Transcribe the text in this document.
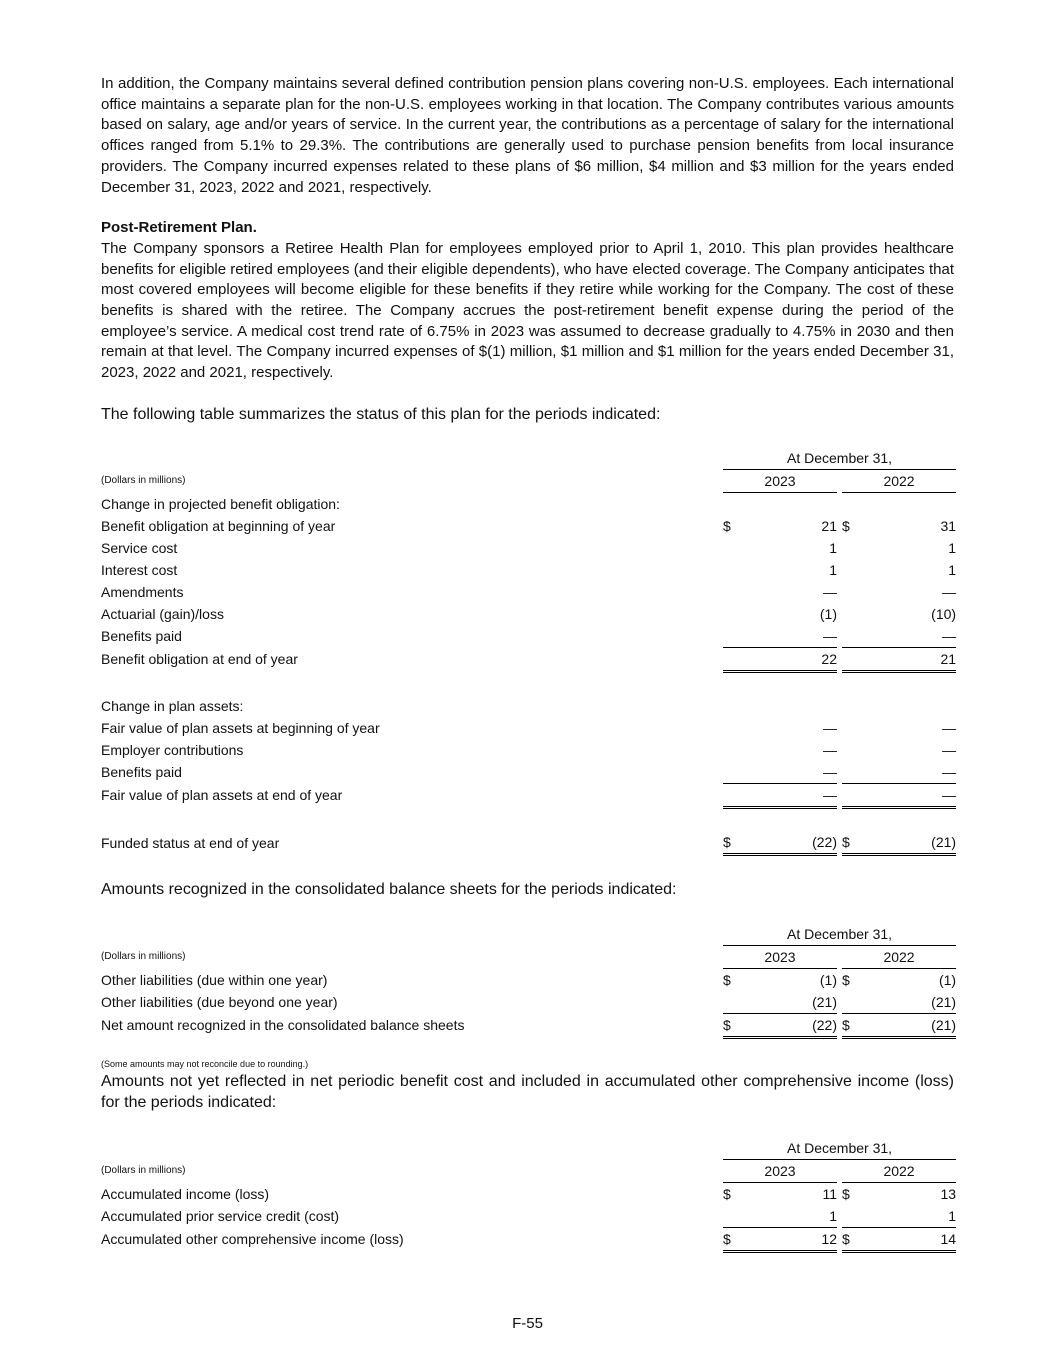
In addition, the Company maintains several defined contribution pension plans covering non-U.S. employees. Each international office maintains a separate plan for the non-U.S. employees working in that location. The Company contributes various amounts based on salary, age and/or years of service. In the current year, the contributions as a percentage of salary for the international offices ranged from 5.1% to 29.3%. The contributions are generally used to purchase pension benefits from local insurance providers. The Company incurred expenses related to these plans of $6 million, $4 million and $3 million for the years ended December 31, 2023, 2022 and 2021, respectively.

Post-Retirement Plan.

The Company sponsors a Retiree Health Plan for employees employed prior to April 1, 2010. This plan provides healthcare benefits for eligible retired employees (and their eligible dependents), who have elected coverage. The Company anticipates that most covered employees will become eligible for these benefits if they retire while working for the Company. The cost of these benefits is shared with the retiree. The Company accrues the post-retirement benefit expense during the period of the employee’s service. A medical cost trend rate of 6.75% in 2023 was assumed to decrease gradually to 4.75% in 2030 and then remain at that level. The Company incurred expenses of $(1) million, $1 million and $1 million for the years ended December 31, 2023, 2022 and 2021, respectively.

The following table summarizes the status of this plan for the periods indicated:

	At December 31,				
(Dollars in millions)	2023			2022	
Change in projected benefit obligation:					
Benefit obligation at beginning of year	$	21		$	31
Service cost		1			1
Interest cost		1			1
Amendments		—			—
Actuarial (gain)/loss		(1)			(10)
Benefits paid		—			—
Benefit obligation at end of year		22			21

Change in plan assets:					
Fair value of plan assets at beginning of year		—			—
Employer contributions		—			—
Benefits paid		—			—
Fair value of plan assets at end of year		—			—

Funded status at end of year	$	(22)		$	(21)

Amounts recognized in the consolidated balance sheets for the periods indicated:

	At December 31,				
(Dollars in millions)	2023			2022	
Other liabilities (due within one year)	$	(1)		$	(1)
Other liabilities (due beyond one year)		(21)			(21)
Net amount recognized in the consolidated balance sheets	$	(22)		$	(21)

(Some amounts may not reconcile due to rounding.)

Amounts not yet reflected in net periodic benefit cost and included in accumulated other comprehensive income (loss) for the periods indicated:

	At December 31,				
(Dollars in millions)	2023			2022	
Accumulated income (loss)	$	11		$	13
Accumulated prior service credit (cost)		1			1
Accumulated other comprehensive income (loss)	$	12		$	14
F-55
